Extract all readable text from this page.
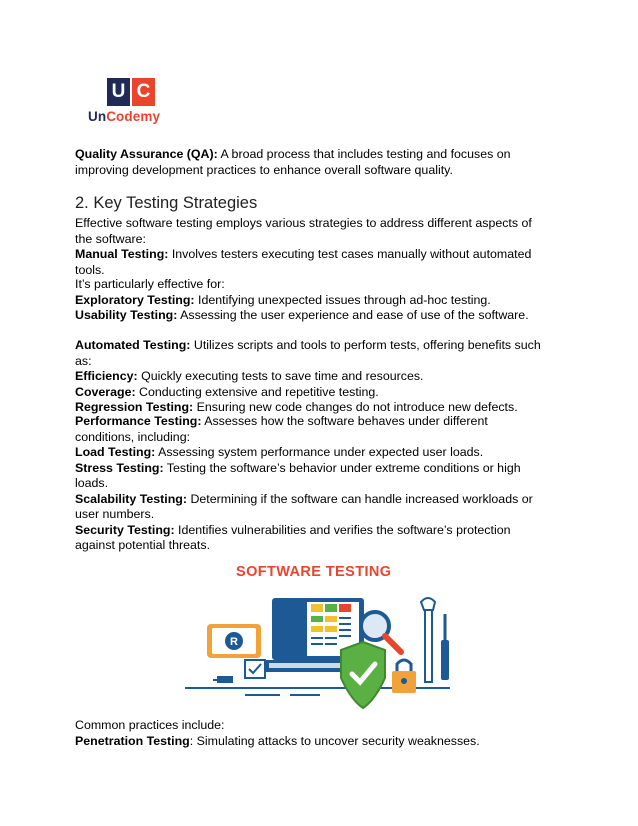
U C
UnCodemy

Quality Assurance (QA): A broad process that includes testing and focuses on improving development practices to enhance overall software quality.

2. Key Testing Strategies

Effective software testing employs various strategies to address different aspects of the software:

Manual Testing: Involves testers executing test cases manually without automated tools.

It’s particularly effective for:

Exploratory Testing: Identifying unexpected issues through ad-hoc testing.

Usability Testing: Assessing the user experience and ease of use of the software.

Automated Testing: Utilizes scripts and tools to perform tests, offering benefits such as:

Efficiency: Quickly executing tests to save time and resources.

Coverage: Conducting extensive and repetitive testing.

Regression Testing: Ensuring new code changes do not introduce new defects.

Performance Testing: Assesses how the software behaves under different conditions, including:

Load Testing: Assessing system performance under expected user loads.

Stress Testing: Testing the software’s behavior under extreme conditions or high loads.

Scalability Testing: Determining if the software can handle increased workloads or user numbers.

Security Testing: Identifies vulnerabilities and verifies the software’s protection against potential threats.

SOFTWARE TESTING
R

Common practices include:

Penetration Testing: Simulating attacks to uncover security weaknesses.
